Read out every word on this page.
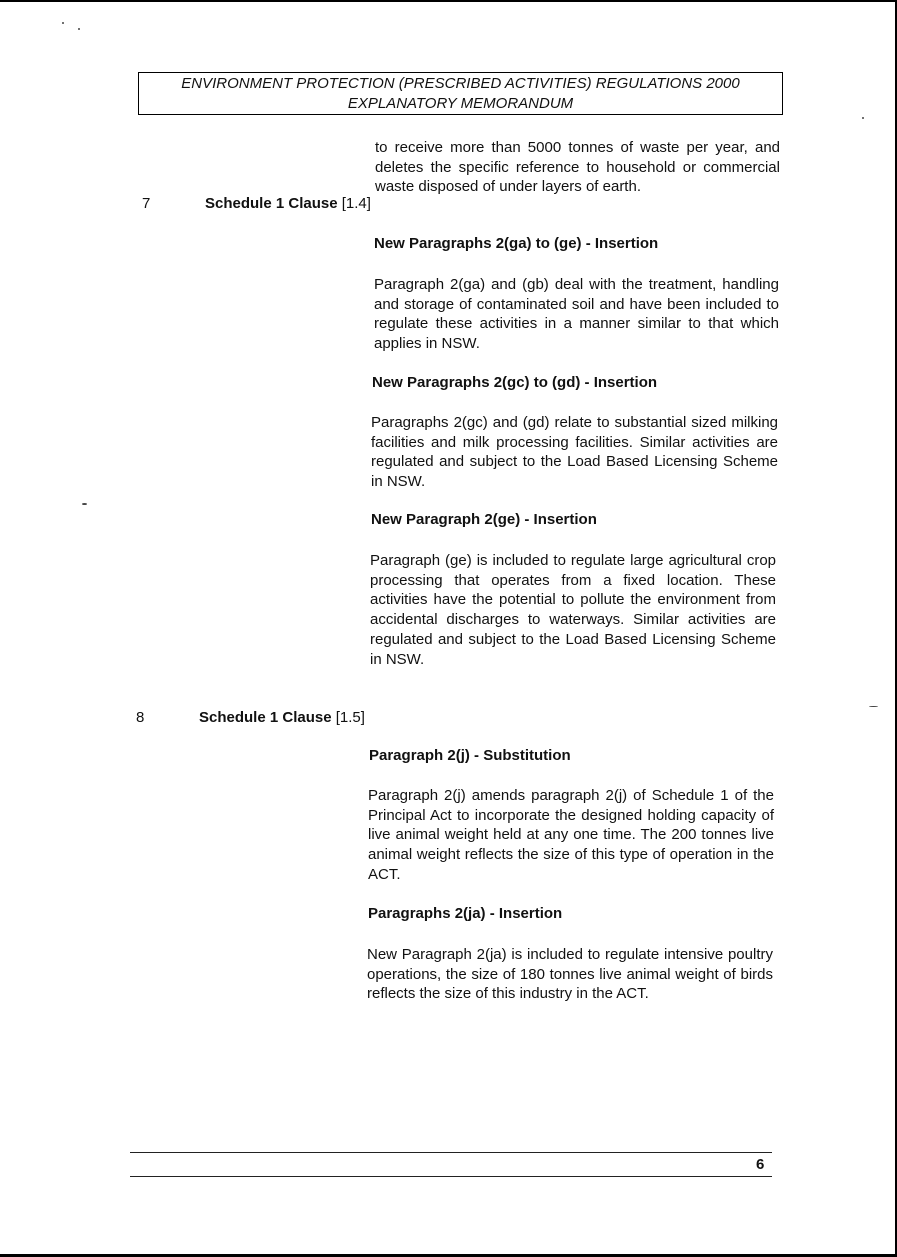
ENVIRONMENT PROTECTION (PRESCRIBED ACTIVITIES) REGULATIONS 2000
EXPLANATORY MEMORANDUM
to receive more than 5000 tonnes of waste per year, and deletes the specific reference to household or commercial waste disposed of under layers of earth.
7	Schedule 1 Clause [1.4]
New Paragraphs 2(ga) to (ge) - Insertion
Paragraph 2(ga) and (gb) deal with the treatment, handling and storage of contaminated soil and have been included to regulate these activities in a manner similar to that which applies in NSW.
New Paragraphs 2(gc) to (gd) - Insertion
Paragraphs 2(gc) and (gd) relate to substantial sized milking facilities and milk processing facilities. Similar activities are regulated and subject to the Load Based Licensing Scheme in NSW.
New Paragraph 2(ge) - Insertion
Paragraph (ge) is included to regulate large agricultural crop processing that operates from a fixed location. These activities have the potential to pollute the environment from accidental discharges to waterways. Similar activities are regulated and subject to the Load Based Licensing Scheme in NSW.
8	Schedule 1 Clause [1.5]
Paragraph 2(j) - Substitution
Paragraph 2(j) amends paragraph 2(j) of Schedule 1 of the Principal Act to incorporate the designed holding capacity of live animal weight held at any one time. The 200 tonnes live animal weight reflects the size of this type of operation in the ACT.
Paragraphs 2(ja) - Insertion
New Paragraph 2(ja) is included to regulate intensive poultry operations, the size of 180 tonnes live animal weight of birds reflects the size of this industry in the ACT.
6
